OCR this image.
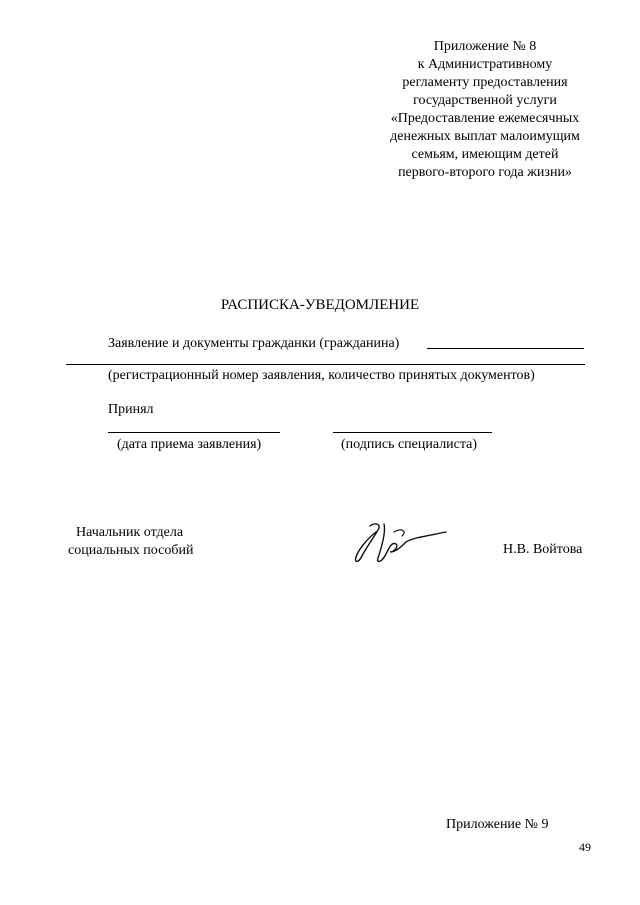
Приложение № 8
к Административному
регламенту предоставления
государственной услуги
«Предоставление ежемесячных
денежных выплат малоимущим
семьям, имеющим детей
первого-второго года жизни»
РАСПИСКА-УВЕДОМЛЕНИЕ
Заявление и документы гражданки (гражданина)
(регистрационный номер заявления, количество принятых документов)
Принял
(дата приема заявления)	(подпись специалиста)
Начальник отдела
социальных пособий	Н.В. Войтова
Приложение № 9
49
